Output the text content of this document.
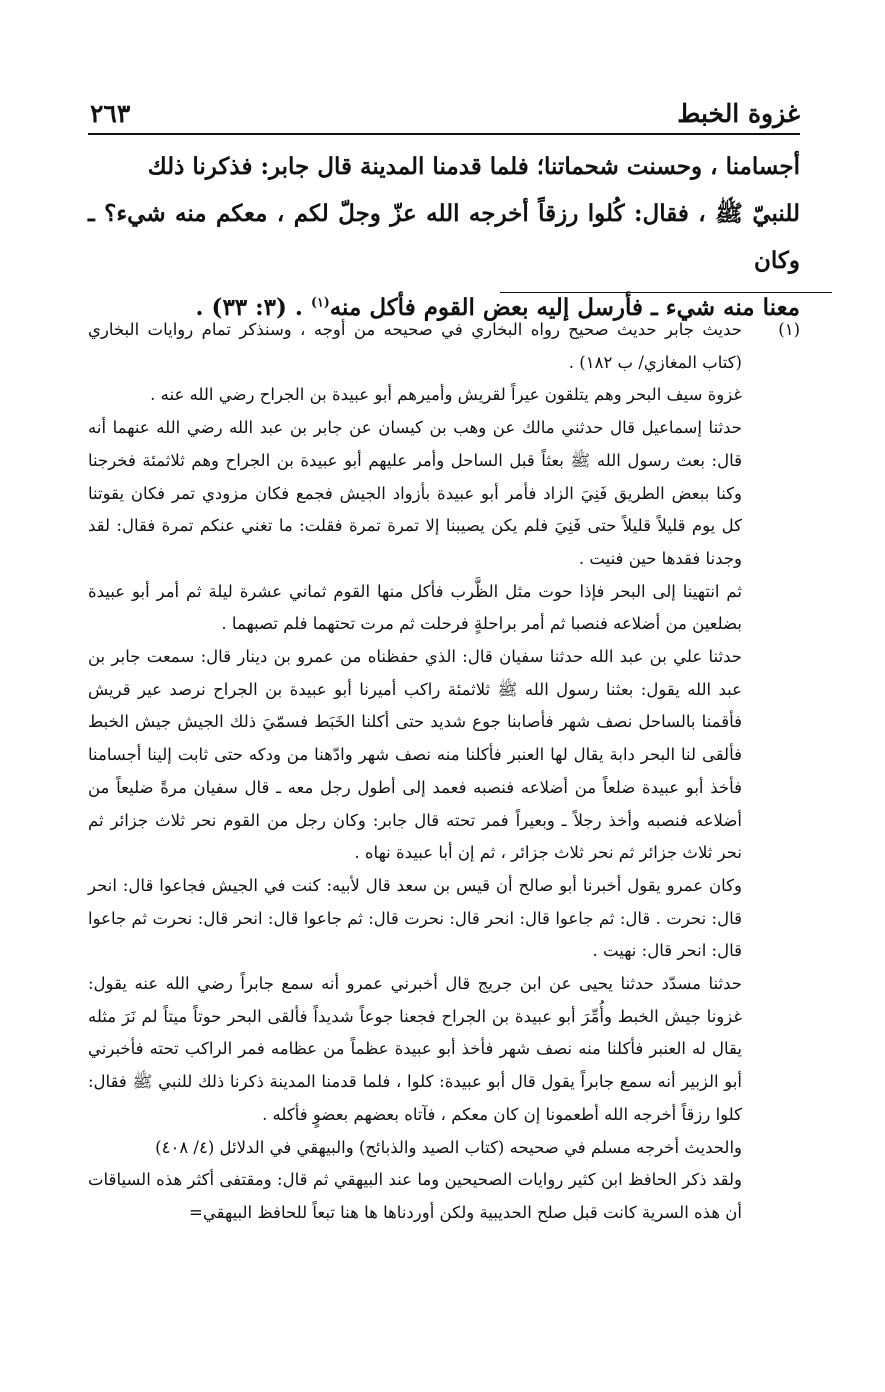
غزوة الخبط
٢٦٣

أجسامنا ، وحسنت شحماتنا؛ فلما قدمنا المدينة قال جابر: فذكرنا ذلك

للنبيّ ﷺ ، فقال: كُلوا رزقاً أخرجه الله عزّ وجلّ لكم ، معكم منه شيء؟ ـ وكان

معنا منه شيء ـ فأرسل إليه بعض القوم فأكل منه$^{(١)}$ . (٣: ٣٣) .

(١)

حديث جابر حديث صحيح رواه البخاري في صحيحه من أوجه ، وسنذكر تمام روايات البخاري (كتاب المغازي/ ب ١٨٢) .

غزوة سيف البحر وهم يتلقون عيراً لقريش وأميرهم أبو عبيدة بن الجراح رضي الله عنه .

حدثنا إسماعيل قال حدثني مالك عن وهب بن كيسان عن جابر بن عبد الله رضي الله عنهما أنه قال: بعث رسول الله ﷺ بعثاً قبل الساحل وأمر عليهم أبو عبيدة بن الجراح وهم ثلاثمئة فخرجنا وكنا ببعض الطريق فَنِيَ الزاد فأمر أبو عبيدة بأزواد الجيش فجمع فكان مزودي تمر فكان يقوتنا كل يوم قليلاً قليلاً حتى فَنِيَ فلم يكن يصيبنا إلا تمرة تمرة فقلت: ما تغني عنكم تمرة فقال: لقد وجدنا فقدها حين فنيت .

ثم انتهينا إلى البحر فإذا حوت مثل الظَّرب فأكل منها القوم ثماني عشرة ليلة ثم أمر أبو عبيدة بضلعين من أضلاعه فنصبا ثم أمر براحلةٍ فرحلت ثم مرت تحتهما فلم تصبهما .

حدثنا علي بن عبد الله حدثنا سفيان قال: الذي حفظناه من عمرو بن دينار قال: سمعت جابر بن عبد الله يقول: بعثنا رسول الله ﷺ ثلاثمئة راكب أميرنا أبو عبيدة بن الجراح نرصد عير قريش فأقمنا بالساحل نصف شهر فأصابنا جوع شديد حتى أكلنا الخَبَط فسمّيَ ذلك الجيش جيش الخبط فألقى لنا البحر دابة يقال لها العنبر فأكلنا منه نصف شهر وادّهنا من ودكه حتى ثابت إلينا أجسامنا فأخذ أبو عبيدة ضلعاً من أضلاعه فنصبه فعمد إلى أطول رجل معه ـ قال سفيان مرةً ضليعاً من أضلاعه فنصبه وأخذ رجلاً ـ وبعيراً فمر تحته قال جابر: وكان رجل من القوم نحر ثلاث جزائر ثم نحر ثلاث جزائر ثم نحر ثلاث جزائر ، ثم إن أبا عبيدة نهاه .

وكان عمرو يقول أخبرنا أبو صالح أن قيس بن سعد قال لأبيه: كنت في الجيش فجاعوا قال: انحر قال: نحرت . قال: ثم جاعوا قال: انحر قال: نحرت قال: ثم جاعوا قال: انحر قال: نحرت ثم جاعوا قال: انحر قال: نهيت .

حدثنا مسدّد حدثنا يحيى عن ابن جريج قال أخبرني عمرو أنه سمع جابراً رضي الله عنه يقول: غزونا جيش الخبط وأُمِّرَ أبو عبيدة بن الجراح فجعنا جوعاً شديداً فألقى البحر حوتاً ميتاً لم نَرَ مثله يقال له العنبر فأكلنا منه نصف شهر فأخذ أبو عبيدة عظماً من عظامه فمر الراكب تحته فأخبرني أبو الزبير أنه سمع جابراً يقول قال أبو عبيدة: كلوا ، فلما قدمنا المدينة ذكرنا ذلك للنبي ﷺ فقال: كلوا رزقاً أخرجه الله أطعمونا إن كان معكم ، فآتاه بعضهم بعضوٍ فأكله .

والحديث أخرجه مسلم في صحيحه (كتاب الصيد والذبائح) والبيهقي في الدلائل (٤/ ٤٠٨)

ولقد ذكر الحافظ ابن كثير روايات الصحيحين وما عند البيهقي ثم قال: ومقتفى أكثر هذه السياقات أن هذه السرية كانت قبل صلح الحديبية ولكن أوردناها ها هنا تبعاً للحافظ البيهقي=
